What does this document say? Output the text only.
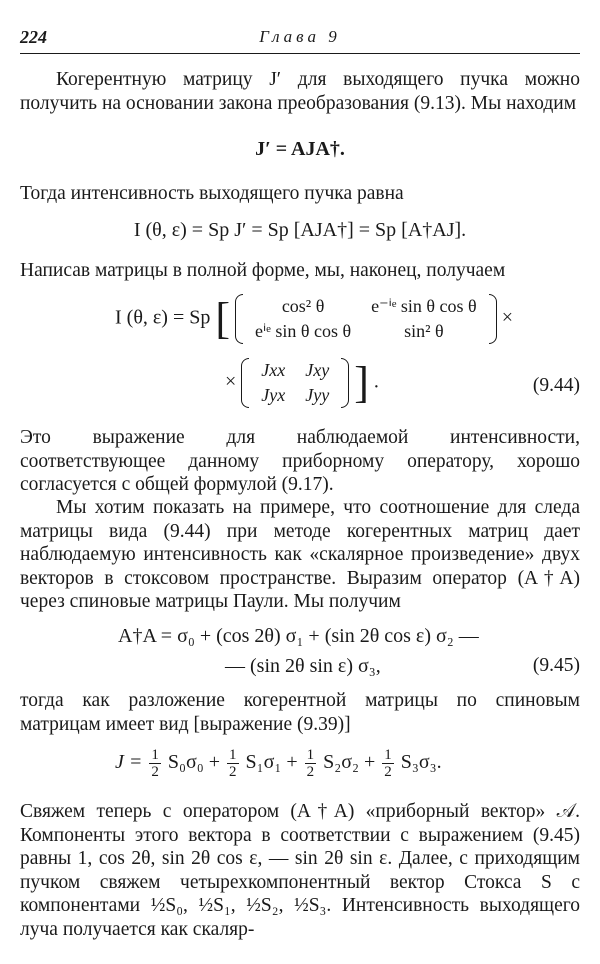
224	Глава 9

Когерентную матрицу J′ для выходящего пучка можно получить на основании закона преобразования (9.13). Мы находим

J′ = AJA†.

Тогда интенсивность выходящего пучка равна

I (θ, ε) = Sp J′ = Sp [AJA†] = Sp [A†AJ].

Написав матрицы в полной форме, мы, наконец, получаем

I (θ, ε) = Sp [	cos² θ	e⁻ⁱᵉ sin θ cos θ
eⁱᵉ sin θ cos θ	sin² θ
×
×
Jxx	Jxy
Jyx	Jyy ] .	(9.44)

Это выражение для наблюдаемой интенсивности, соответствующее данному приборному оператору, хорошо согласуется с общей формулой (9.17).

Мы хотим показать на примере, что соотношение для следа матрицы вида (9.44) при методе когерентных матриц дает наблюдаемую интенсивность как «скалярное произведение» двух векторов в стоксовом пространстве. Выразим оператор (A†A) через спиновые матрицы Паули. Мы получим

A†A = σ₀ + (cos 2θ) σ₁ + (sin 2θ cos ε) σ₂ —
— (sin 2θ sin ε) σ₃,	(9.45)

тогда как разложение когерентной матрицы по спиновым матрицам имеет вид [выражение (9.39)]

$J = \frac{1}{2} S_0\sigma_0 + \frac{1}{2} S_1\sigma_1 + \frac{1}{2} S_2\sigma_2 + \frac{1}{2} S_3\sigma_3$.

Свяжем теперь с оператором (A†A) «приборный вектор» 𝒜. Компоненты этого вектора в соответствии с выражением (9.45) равны 1, cos 2θ, sin 2θ cos ε, — sin 2θ sin ε. Далее, с приходящим пучком свяжем четырехкомпонентный вектор Стокса S с компонентами ½S₀, ½S₁, ½S₂, ½S₃. Интенсивность выходящего луча получается как скаляр-
